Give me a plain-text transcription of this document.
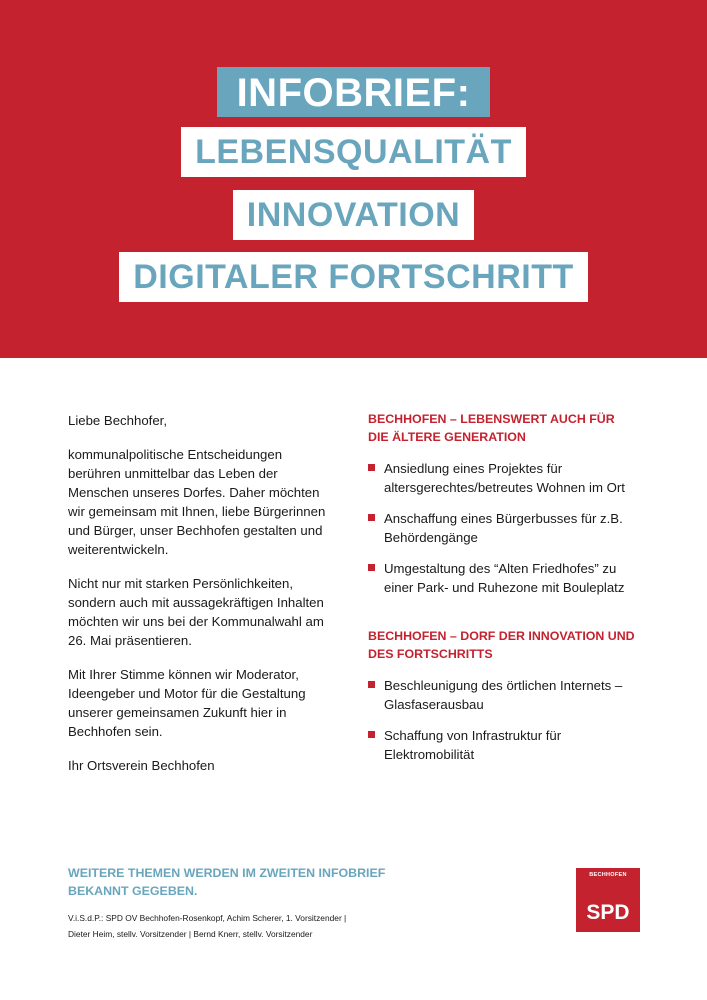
INFOBRIEF:
LEBENSQUALITÄT
INNOVATION
DIGITALER FORTSCHRITT

Liebe Bechhofer,

kommunalpolitische Entscheidungen berühren unmittelbar das Leben der Menschen unseres Dorfes. Daher möchten wir gemeinsam mit Ihnen, liebe Bürgerinnen und Bürger, unser Bechhofen gestalten und weiterentwickeln.

Nicht nur mit starken Persönlichkeiten, sondern auch mit aussagekräftigen Inhalten möchten wir uns bei der Kommunalwahl am 26. Mai präsentieren.

Mit Ihrer Stimme können wir Moderator, Ideengeber und Motor für die Gestaltung unserer gemeinsamen Zukunft hier in Bechhofen sein.

Ihr Ortsverein Bechhofen

BECHHOFEN – LEBENSWERT AUCH FÜR DIE ÄLTERE GENERATION
Ansiedlung eines Projektes für altersgerechtes/betreutes Wohnen im Ort
Anschaffung eines Bürgerbusses für z.B. Behördengänge
Umgestaltung des “Alten Friedhofes” zu einer Park- und Ruhezone mit Bouleplatz
BECHHOFEN – DORF DER INNOVATION UND DES FORTSCHRITTS
Beschleunigung des örtlichen Internets – Glasfaserausbau
Schaffung von Infrastruktur für Elektromobilität
WEITERE THEMEN WERDEN IM ZWEITEN INFOBRIEF BEKANNT GEGEBEN.
V.i.S.d.P.: SPD OV Bechhofen-Rosenkopf, Achim Scherer, 1. Vorsitzender |
Dieter Heim, stellv. Vorsitzender | Bernd Knerr, stellv. Vorsitzender
BECHHOFEN
SPD
